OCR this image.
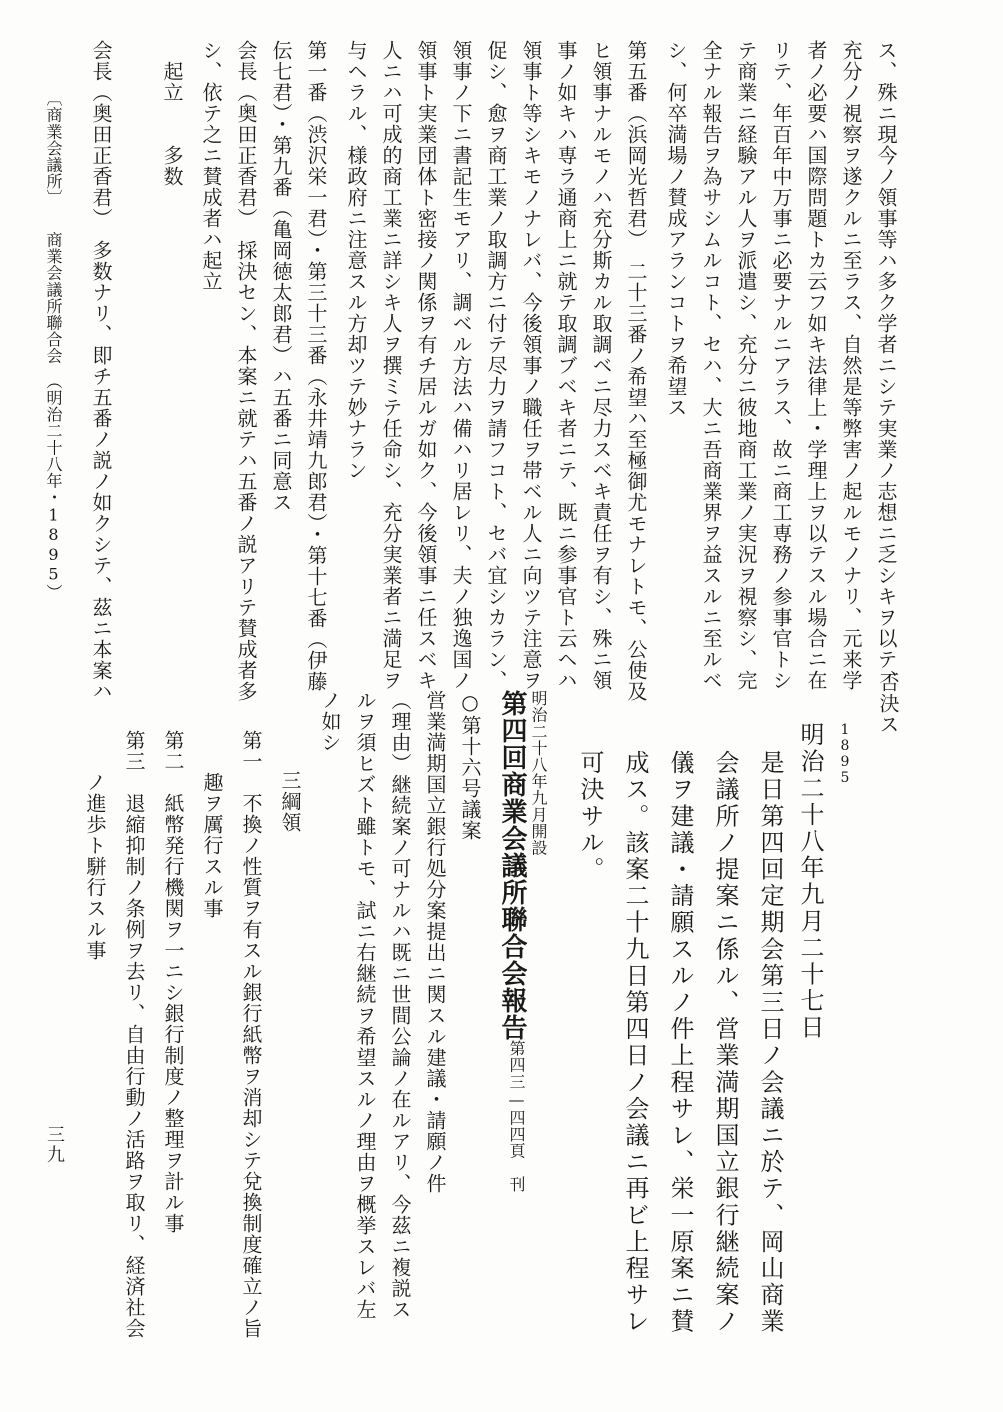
ス、殊ニ現今ノ領事等ハ多ク学者ニシテ実業ノ志想ニ乏シキヲ以テ、
充分ノ視察ヲ遂クルニ至ラス、自然是等弊害ノ起ルモノナリ、元来学
者ノ必要ハ国際問題トカ云フ如キ法律上・学理上ヲ以テスル場合ニ在
リテ、年百年中万事ニ必要ナルニアラス、故ニ商工専務ノ参事官トシ
テ商業ニ経験アル人ヲ派遣シ、充分ニ彼地商工業ノ実況ヲ視察シ、完
全ナル報告ヲ為サシムルコト、セハ、大ニ吾商業界ヲ益スルニ至ルベ
シ、何卒満場ノ賛成アランコトヲ希望ス
第五番（浜岡光哲君）　二十三番ノ希望ハ至極御尤モナレトモ、公使及
ヒ領事ナルモノハ充分斯カル取調ベニ尽力スベキ責任ヲ有シ、殊ニ領
事ノ如キハ専ラ通商上ニ就テ取調ブベキ者ニテ、既ニ参事官ト云ヘハ
領事ト等シキモノナレバ、今後領事ノ職任ヲ帯ベル人ニ向ツテ注意ヲ
促シ、愈ヲ商工業ノ取調方ニ付テ尽力ヲ請フコト、セバ宜シカラン、
領事ノ下ニ書記生モアリ、調ベル方法ハ備ハリ居レリ、夫ノ独逸国ノ
領事ト実業団体ト密接ノ関係ヲ有チ居ルガ如ク、今後領事ニ任スベキ
人ニハ可成的商工業ニ詳シキ人ヲ撰ミテ任命シ、充分実業者ニ満足ヲ
与ヘラル、様政府ニ注意スル方却ツテ妙ナラン
第一番（渋沢栄一君）・第三十三番（永井靖九郎君）・第十七番（伊藤
伝七君）・第九番（亀岡徳太郎君）ハ五番ニ同意ス
会長（奥田正香君）　採決セン、本案ニ就テハ五番ノ説アリテ賛成者多
シ、依テ之ニ賛成者ハ起立
　起立　　多数
会長（奥田正香君）　多数ナリ、即チ五番ノ説ノ如クシテ、茲ニ本案ハ
〔商業会議所〕　　商業会議所聯合会　（明治二十八年・1895）
否決ス
1895
明治二十八年九月二十七日
是日第四回定期会第三日ノ会議ニ於テ、岡山商業
会議所ノ提案ニ係ル、営業満期国立銀行継続案ノ
儀ヲ建議・請願スルノ件上程サレ、栄一原案ニ賛
成ス。該案二十九日第四日ノ会議ニ再ビ上程サレ
可決サル。
明治二十八年九月開設
第四回商業会議所聯合会報告
第四三—四四頁　刊
○第十六号議案
営業満期国立銀行処分案提出ニ関スル建議・請願ノ件
（理由）継続案ノ可ナルハ既ニ世間公論ノ在ルアリ、今茲ニ複説ス
ルヲ須ヒズト雖トモ、試ニ右継続ヲ希望スルノ理由ヲ概挙スレバ左
ノ如シ
三綱領
第一　不換ノ性質ヲ有スル銀行紙幣ヲ消却シテ兌換制度確立ノ旨
　　趣ヲ厲行スル事
第二　紙幣発行機関ヲ一ニシ銀行制度ノ整理ヲ計ル事
第三　退縮抑制ノ条例ヲ去リ、自由行動ノ活路ヲ取リ、経済社会
　　ノ進歩ト駢行スル事
三九
